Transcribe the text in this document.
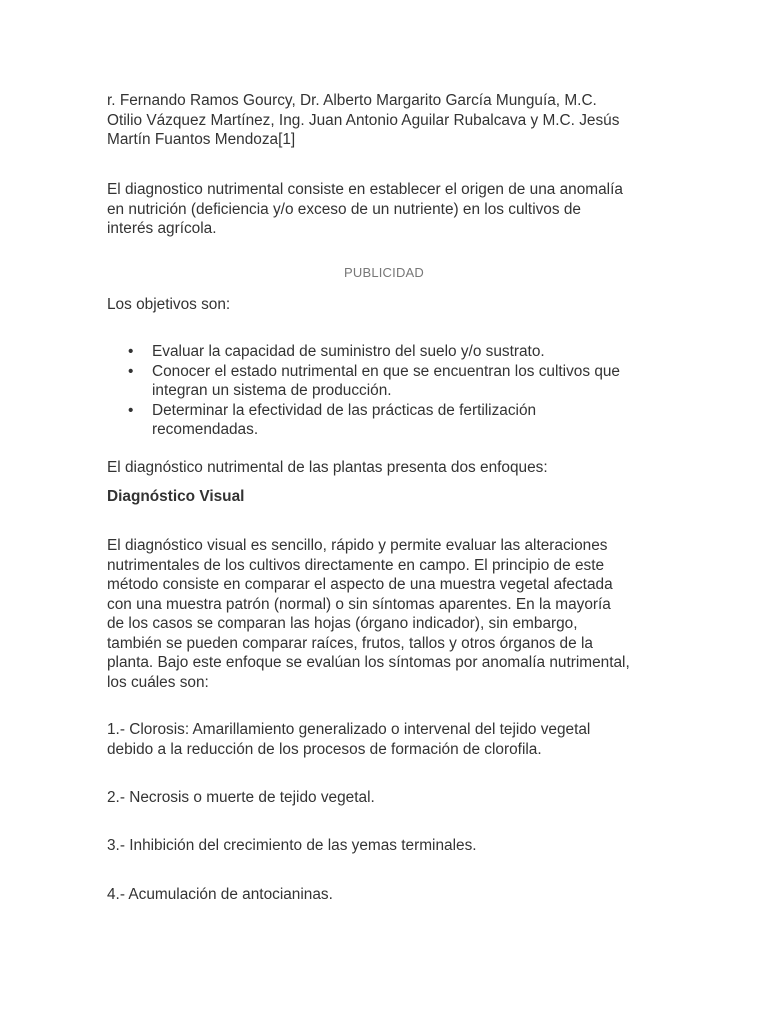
r. Fernando Ramos Gourcy, Dr. Alberto Margarito García Munguía, M.C.
Otilio Vázquez Martínez, Ing. Juan Antonio Aguilar Rubalcava y M.C. Jesús
Martín Fuantos Mendoza[1]

El diagnostico nutrimental consiste en establecer el origen de una anomalía
en nutrición (deficiencia y/o exceso de un nutriente) en los cultivos de
interés agrícola.

PUBLICIDAD

Los objetivos son:

• Evaluar la capacidad de suministro del suelo y/o sustrato.
• Conocer el estado nutrimental en que se encuentran los cultivos que
integran un sistema de producción.
• Determinar la efectividad de las prácticas de fertilización
recomendadas.

El diagnóstico nutrimental de las plantas presenta dos enfoques:

Diagnóstico Visual

El diagnóstico visual es sencillo, rápido y permite evaluar las alteraciones
nutrimentales de los cultivos directamente en campo. El principio de este
método consiste en comparar el aspecto de una muestra vegetal afectada
con una muestra patrón (normal) o sin síntomas aparentes. En la mayoría
de los casos se comparan las hojas (órgano indicador), sin embargo,
también se pueden comparar raíces, frutos, tallos y otros órganos de la
planta. Bajo este enfoque se evalúan los síntomas por anomalía nutrimental,
los cuáles son:

1.- Clorosis: Amarillamiento generalizado o intervenal del tejido vegetal
debido a la reducción de los procesos de formación de clorofila.

2.- Necrosis o muerte de tejido vegetal.

3.- Inhibición del crecimiento de las yemas terminales.

4.- Acumulación de antocianinas.
